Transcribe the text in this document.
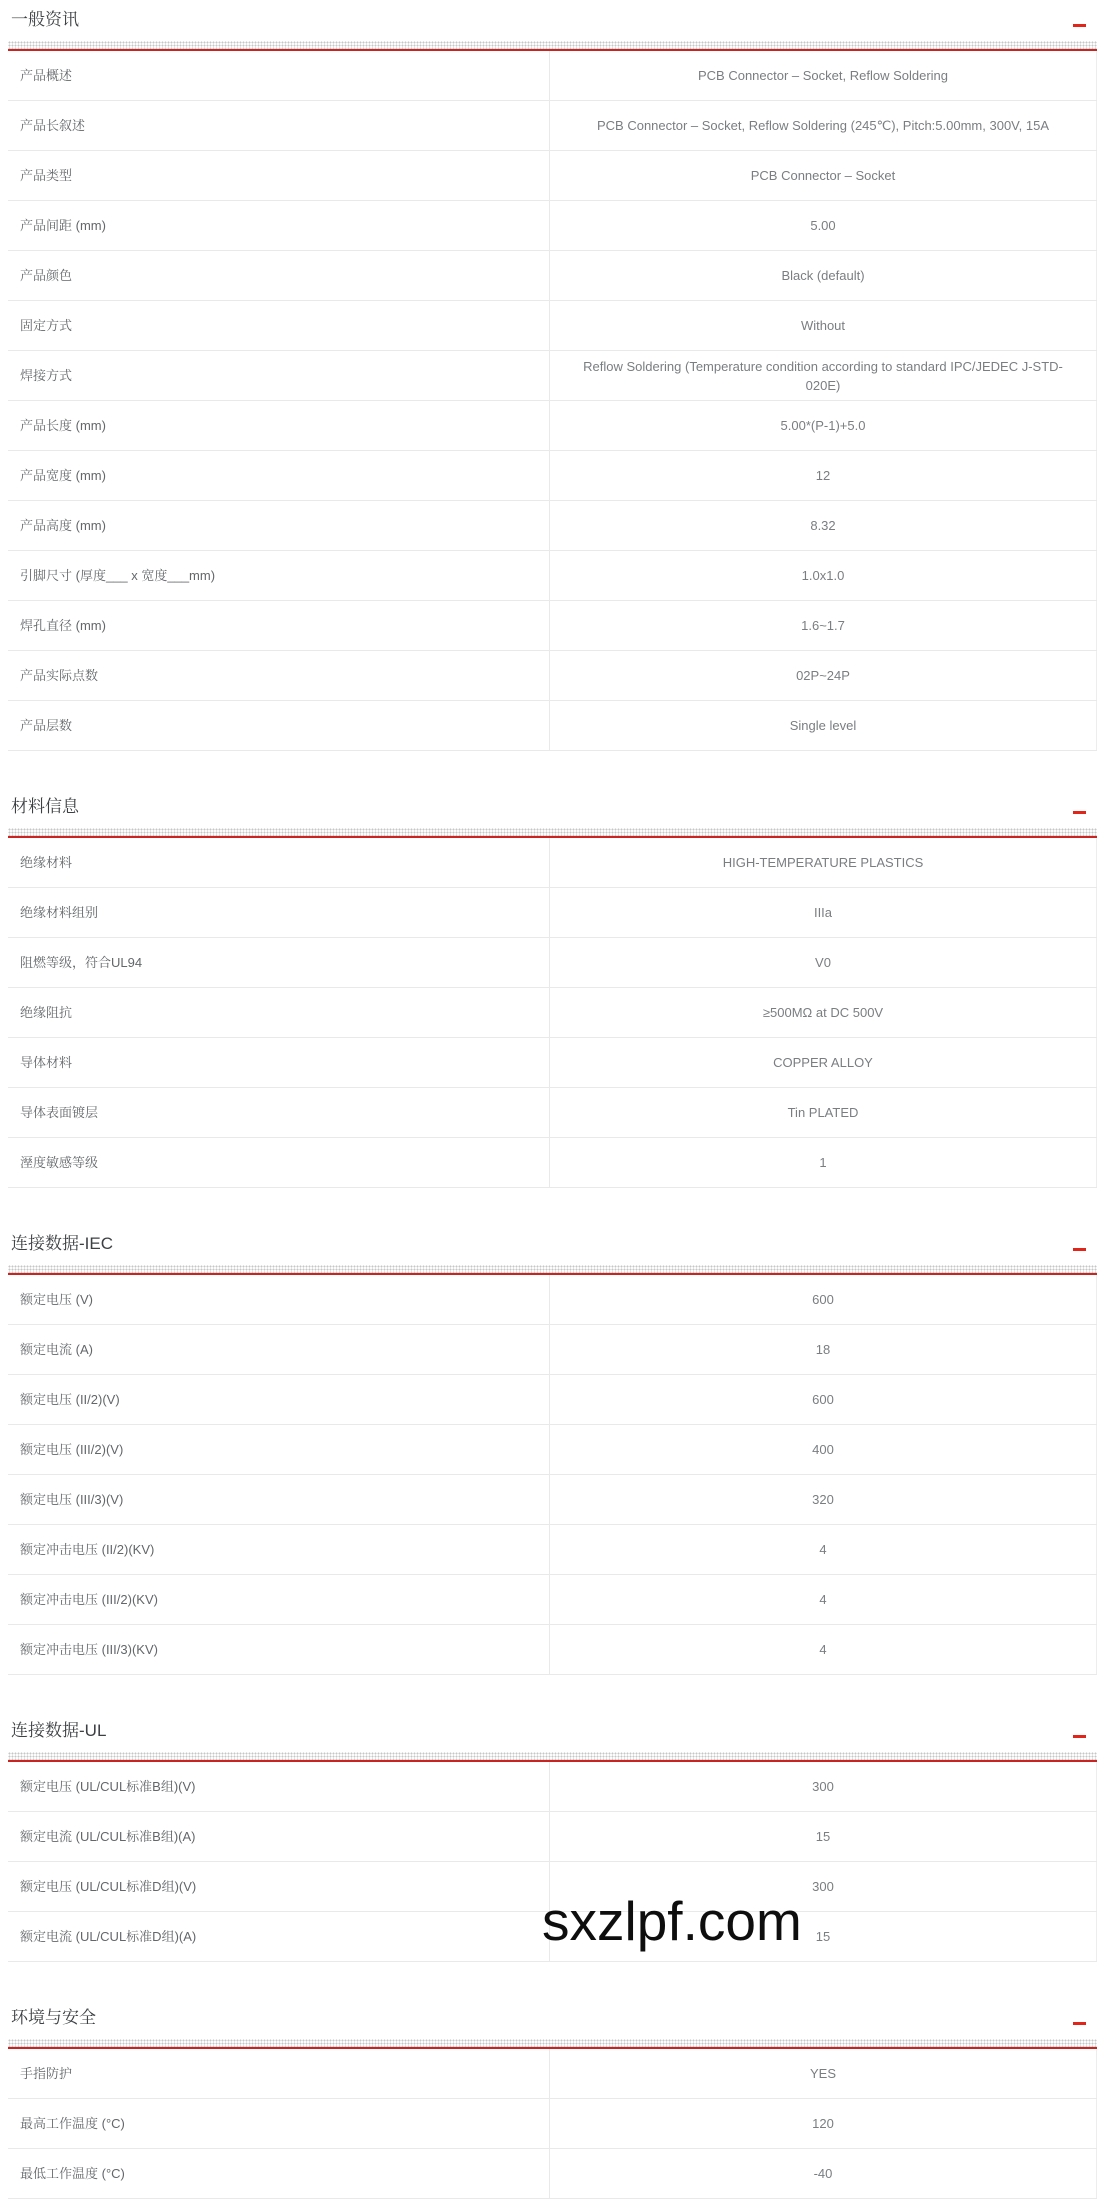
一般资讯
产品概述	PCB Connector – Socket, Reflow Soldering
产品长叙述	PCB Connector – Socket, Reflow Soldering (245℃), Pitch:5.00mm, 300V, 15A
产品类型	PCB Connector – Socket
产品间距 (mm)	5.00
产品颜色	Black (default)
固定方式	Without
焊接方式	Reflow Soldering (Temperature condition according to standard IPC/JEDEC J-STD-020E)
产品长度 (mm)	5.00*(P-1)+5.0
产品宽度 (mm)	12
产品高度 (mm)	8.32
引脚尺寸 (厚度___ x 宽度___mm)	1.0x1.0
焊孔直径 (mm)	1.6~1.7
产品实际点数	02P~24P
产品层数	Single level
材料信息
绝缘材料	HIGH-TEMPERATURE PLASTICS
绝缘材料组别	IIIa
阻燃等级，符合UL94	V0
绝缘阻抗	≥500MΩ at DC 500V
导体材料	COPPER ALLOY
导体表面镀层	Tin PLATED
溼度敏感等级	1
连接数据-IEC
额定电压 (V)	600
额定电流 (A)	18
额定电压 (II/2)(V)	600
额定电压 (III/2)(V)	400
额定电压 (III/3)(V)	320
额定冲击电压 (II/2)(KV)	4
额定冲击电压 (III/2)(KV)	4
额定冲击电压 (III/3)(KV)	4
连接数据-UL
额定电压 (UL/CUL标准B组)(V)	300
额定电流 (UL/CUL标准B组)(A)	15
额定电压 (UL/CUL标准D组)(V)	300
额定电流 (UL/CUL标准D组)(A)	15
环境与安全
手指防护	YES
最高工作温度 (°C)	120
最低工作温度 (°C)	-40
sxzlpf.com
